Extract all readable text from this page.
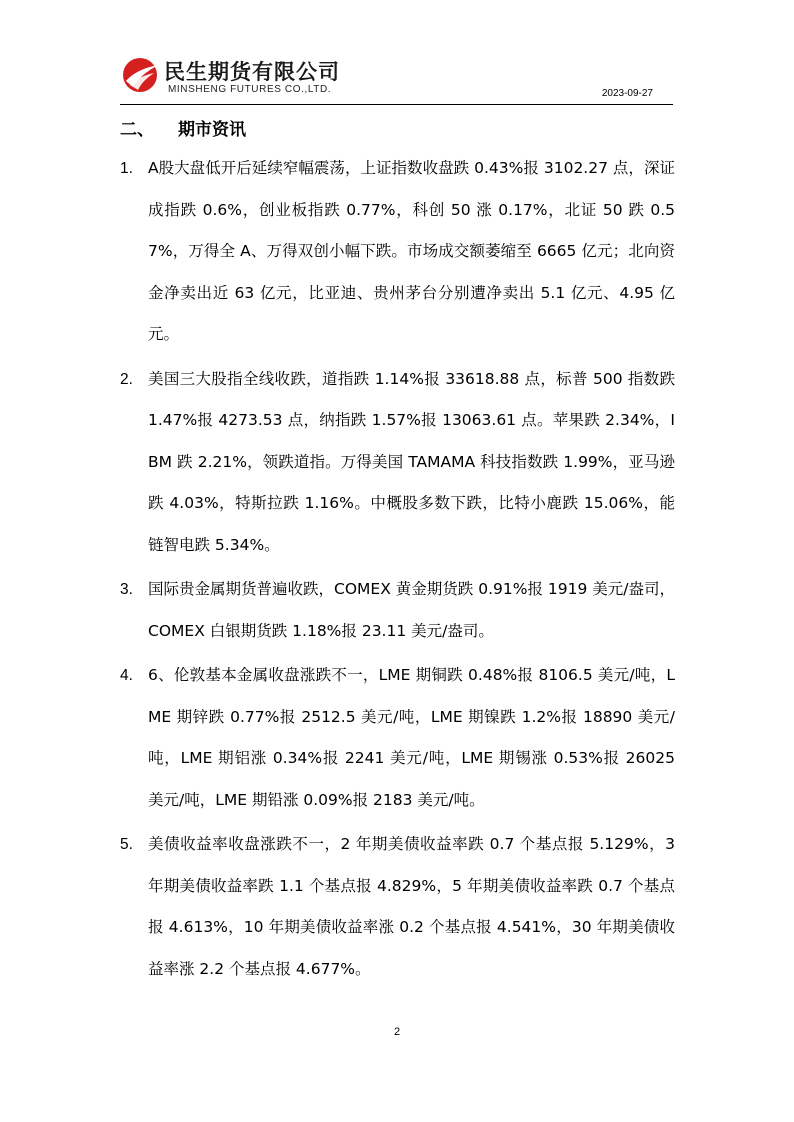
民生期货有限公司
MINSHENG FUTURES CO.,LTD.	2023-09-27
二、 期市资讯
1. A股大盘低开后延续窄幅震荡，上证指数收盘跌 0.43%报 3102.27 点，深证成指跌 0.6%，创业板指跌 0.77%，科创 50 涨 0.17%，北证 50 跌 0.57%，万得全 A、万得双创小幅下跌。市场成交额萎缩至 6665 亿元；北向资金净卖出近 63 亿元，比亚迪、贵州茅台分别遭净卖出 5.1 亿元、4.95 亿元。
2. 美国三大股指全线收跌，道指跌 1.14%报 33618.88 点，标普 500 指数跌 1.47%报 4273.53 点，纳指跌 1.57%报 13063.61 点。苹果跌 2.34%，IBM 跌 2.21%，领跌道指。万得美国 TAMAMA 科技指数跌 1.99%，亚马逊跌 4.03%，特斯拉跌 1.16%。中概股多数下跌，比特小鹿跌 15.06%，能链智电跌 5.34%。
3. 国际贵金属期货普遍收跌，COMEX 黄金期货跌 0.91%报 1919 美元/盎司，COMEX 白银期货跌 1.18%报 23.11 美元/盎司。
4. 6、伦敦基本金属收盘涨跌不一，LME 期铜跌 0.48%报 8106.5 美元/吨，LME 期锌跌 0.77%报 2512.5 美元/吨，LME 期镍跌 1.2%报 18890 美元/吨，LME 期铝涨 0.34%报 2241 美元/吨，LME 期锡涨 0.53%报 26025 美元/吨，LME 期铅涨 0.09%报 2183 美元/吨。
5. 美债收益率收盘涨跌不一，2 年期美债收益率跌 0.7 个基点报 5.129%，3 年期美债收益率跌 1.1 个基点报 4.829%，5 年期美债收益率跌 0.7 个基点报 4.613%，10 年期美债收益率涨 0.2 个基点报 4.541%，30 年期美债收益率涨 2.2 个基点报 4.677%。
2
